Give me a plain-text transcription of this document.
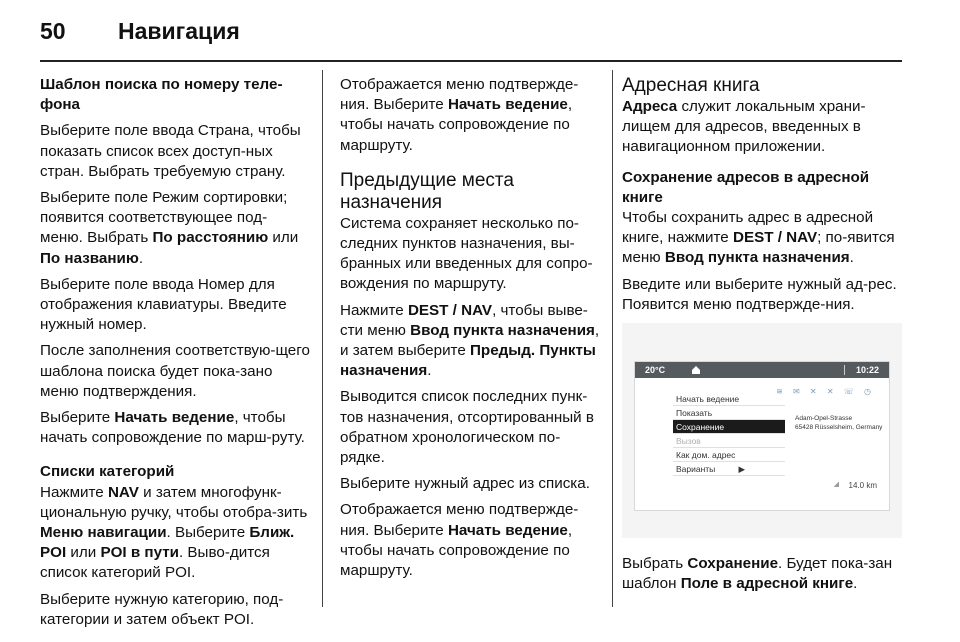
50 Навигация

Шаблон поиска по номеру теле-фона

Выберите поле ввода Страна, чтобы показать список всех доступ-ных стран. Выбрать требуемую страну.

Выберите поле Режим сортировки; появится соответствующее под-меню. Выбрать По расстоянию или По названию.

Выберите поле ввода Номер для отображения клавиатуры. Введите нужный номер.

После заполнения соответствую-щего шаблона поиска будет пока-зано меню подтверждения.

Выберите Начать ведение, чтобы начать сопровождение по марш-руту.

Списки категорий

Нажмите NAV и затем многофунк-циональную ручку, чтобы отобра-зить Меню навигации. Выберите Ближ. POI или POI в пути. Выво-дится список категорий POI.

Выберите нужную категорию, под-категории и затем объект POI.

Отображается меню подтвержде-ния. Выберите Начать ведение, чтобы начать сопровождение по маршруту.

Предыдущие места назначения

Система сохраняет несколько по-следних пунктов назначения, вы-бранных или введенных для сопро-вождения по маршруту.

Нажмите DEST / NAV, чтобы выве-сти меню Ввод пункта назначения, и затем выберите Предыд. Пункты назначения.

Выводится список последних пунк-тов назначения, отсортированный в обратном хронологическом по-рядке.

Выберите нужный адрес из списка.

Отображается меню подтвержде-ния. Выберите Начать ведение, чтобы начать сопровождение по маршруту.

Адресная книга

Адреса служит локальным храни-лищем для адресов, введенных в навигационном приложении.

Сохранение адресов в адресной книге

Чтобы сохранить адрес в адресной книге, нажмите DEST / NAV; по-явится меню Ввод пункта назначения.

Введите или выберите нужный ад-рес. Появится меню подтвержде-ния.

20°C	10:22
≋ ✉ ✕ ✕ ☏ ◷
Начать ведение
Показать
Сохранение
Вызов
Как дом. адрес
Варианты	▶
Adam-Opel-Strasse
65428 Rüsselsheim, Germany
◢ 14.0 km

Выбрать Сохранение. Будет пока-зан шаблон Поле в адресной книге.
